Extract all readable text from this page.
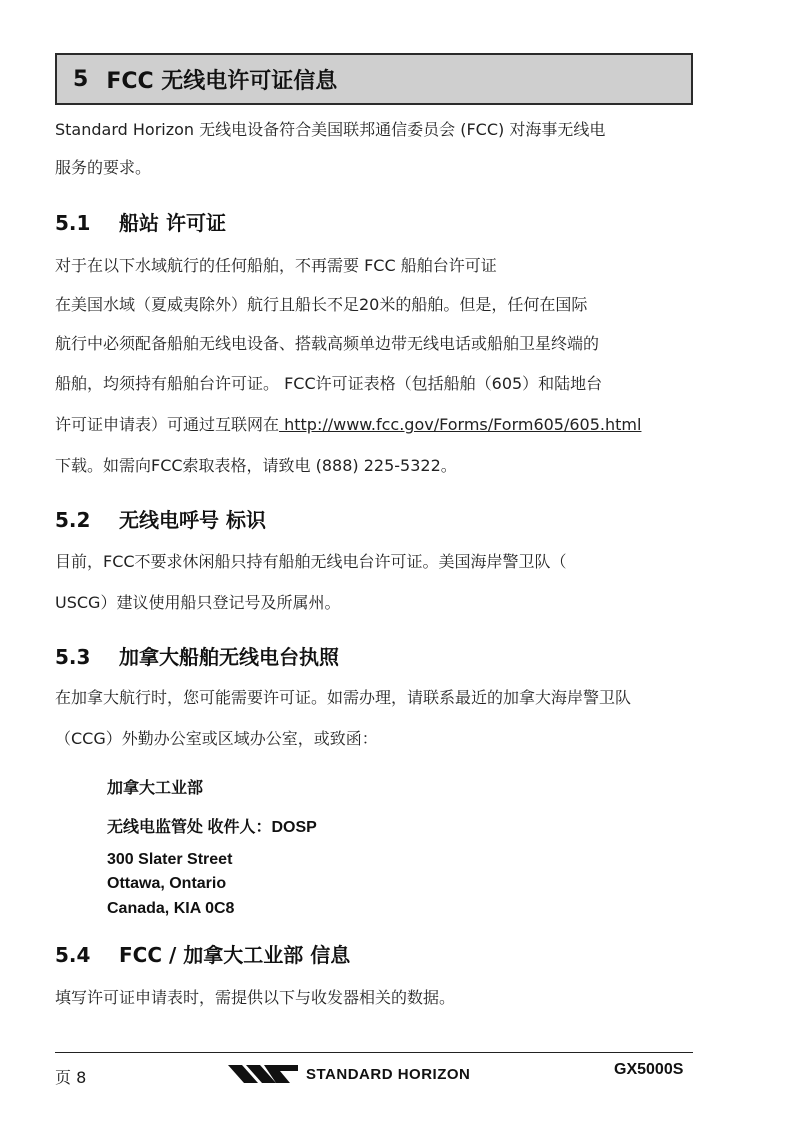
5 FCC 无线电许可证信息
Standard Horizon 无线电设备符合美国联邦通信委员会 (FCC) 对海事无线电
服务的要求。
5.1 船站 许可证
对于在以下水域航行的任何船舶，不再需要 FCC 船舶台许可证
在美国水域（夏威夷除外）航行且船长不足20米的船舶。但是，任何在国际
航行中必须配备船舶无线电设备、搭载高频单边带无线电话或船舶卫星终端的
船舶，均须持有船舶台许可证。 FCC许可证表格（包括船舶（605）和陆地台
许可证申请表）可通过互联网在 http://www.fcc.gov/Forms/Form605/605.html
下载。如需向FCC索取表格，请致电 (888) 225-5322。
5.2 无线电呼号 标识
目前，FCC不要求休闲船只持有船舶无线电台许可证。美国海岸警卫队（
USCG）建议使用船只登记号及所属州。
5.3 加拿大船舶无线电台执照
在加拿大航行时，您可能需要许可证。如需办理，请联系最近的加拿大海岸警卫队
（CCG）外勤办公室或区域办公室，或致函：
加拿大工业部
无线电监管处 收件人：DOSP
300 Slater Street
Ottawa, Ontario
Canada, KIA 0C8
5.4 FCC / 加拿大工业部 信息
填写许可证申请表时，需提供以下与收发器相关的数据。
页 8	STANDARD HORIZON	GX5000S
